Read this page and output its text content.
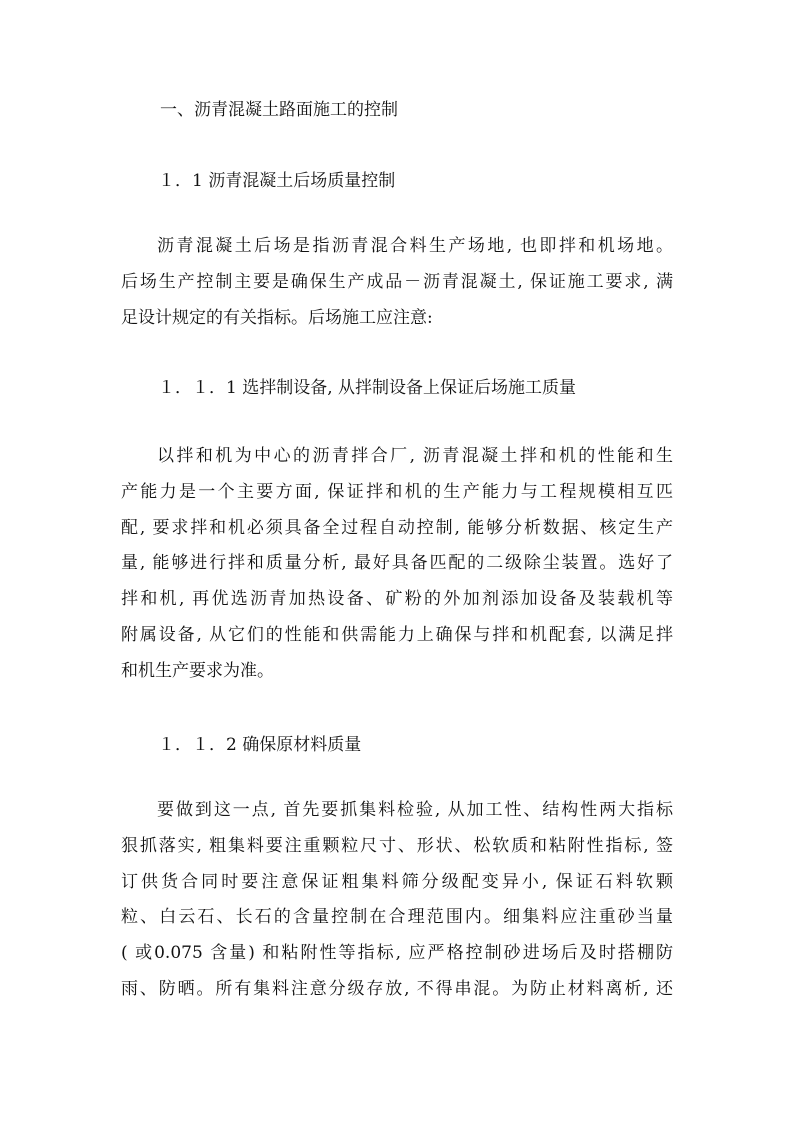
一、沥青混凝土路面施工的控制
１．1 沥青混凝土后场质量控制
沥青混凝土后场是指沥青混合料生产场地, 也即拌和机场地。
后场生产控制主要是确保生产成品－沥青混凝土, 保证施工要求, 满
足设计规定的有关指标。后场施工应注意:
１．１．1 选拌制设备, 从拌制设备上保证后场施工质量
以拌和机为中心的沥青拌合厂, 沥青混凝土拌和机的性能和生
产能力是一个主要方面, 保证拌和机的生产能力与工程规模相互匹
配, 要求拌和机必须具备全过程自动控制, 能够分析数据、核定生产
量, 能够进行拌和质量分析, 最好具备匹配的二级除尘装置。选好了
拌和机, 再优选沥青加热设备、矿粉的外加剂添加设备及装载机等
附属设备, 从它们的性能和供需能力上确保与拌和机配套, 以满足拌
和机生产要求为准。
１．１．2 确保原材料质量
要做到这一点, 首先要抓集料检验, 从加工性、结构性两大指标
狠抓落实, 粗集料要注重颗粒尺寸、形状、松软质和粘附性指标, 签
订供货合同时要注意保证粗集料筛分级配变异小, 保证石料软颗
粒、白云石、长石的含量控制在合理范围内。细集料应注重砂当量
( 或0.075 含量) 和粘附性等指标, 应严格控制砂进场后及时搭棚防
雨、防晒。所有集料注意分级存放, 不得串混。为防止材料离析, 还
